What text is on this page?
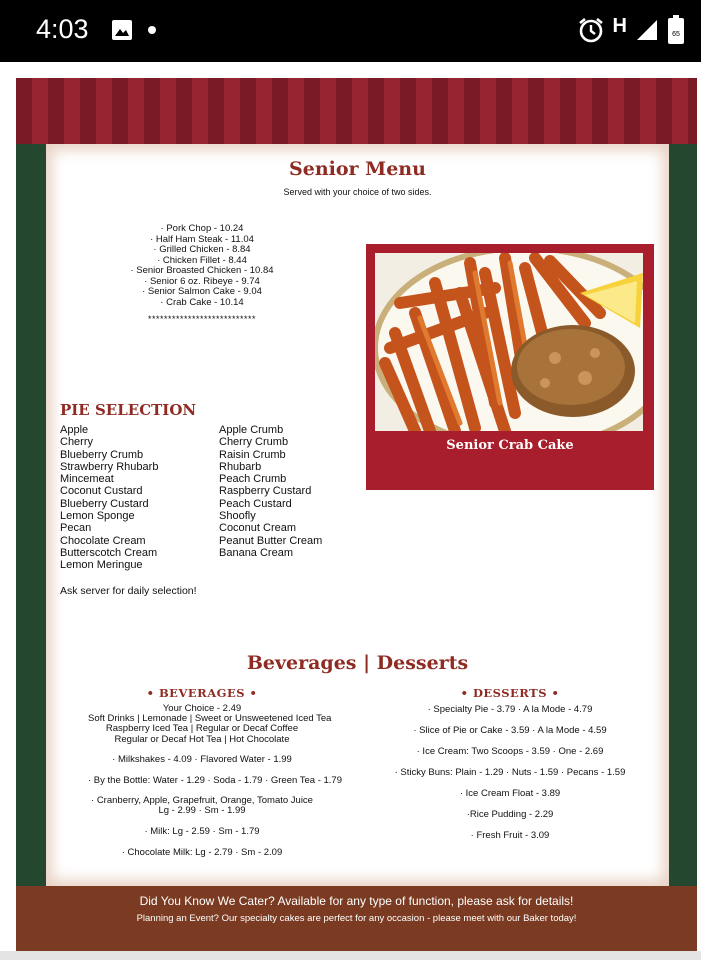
4:03	H	65
Senior Menu
Served with your choice of two sides.
· Pork Chop - 10.24
· Half Ham Steak - 11.04
· Grilled Chicken - 8.84
· Chicken Fillet - 8.44
· Senior Broasted Chicken - 10.84
· Senior 6 oz. Ribeye - 9.74
· Senior Salmon Cake - 9.04
· Crab Cake - 10.14
***************************
Senior Crab Cake
PIE SELECTION
Apple
Cherry
Blueberry Crumb
Strawberry Rhubarb
Mincemeat
Coconut Custard
Blueberry Custard
Lemon Sponge
Pecan
Chocolate Cream
Butterscotch Cream
Lemon Meringue
Apple Crumb
Cherry Crumb
Raisin Crumb
Rhubarb
Peach Crumb
Raspberry Custard
Peach Custard
Shoofly
Coconut Cream
Peanut Butter Cream
Banana Cream
Ask server for daily selection!
Beverages | Desserts
• BEVERAGES •
Your Choice - 2.49
Soft Drinks | Lemonade | Sweet or Unsweetened Iced Tea
Raspberry Iced Tea | Regular or Decaf Coffee
Regular or Decaf Hot Tea | Hot Chocolate
· Milkshakes - 4.09 · Flavored Water - 1.99
· By the Bottle: Water - 1.29 · Soda - 1.79 · Green Tea - 1.79
· Cranberry, Apple, Grapefruit, Orange, Tomato Juice
Lg - 2.99 · Sm - 1.99
· Milk: Lg - 2.59 · Sm - 1.79
· Chocolate Milk: Lg - 2.79 · Sm - 2.09
• DESSERTS •
· Specialty Pie - 3.79 · A la Mode - 4.79
· Slice of Pie or Cake - 3.59 · A la Mode - 4.59
· Ice Cream: Two Scoops - 3.59 · One - 2.69
· Sticky Buns: Plain - 1.29 · Nuts - 1.59 · Pecans - 1.59
· Ice Cream Float - 3.89
·Rice Pudding - 2.29
· Fresh Fruit - 3.09
Did You Know We Cater? Available for any type of function, please ask for details!
Planning an Event? Our specialty cakes are perfect for any occasion - please meet with our Baker today!
